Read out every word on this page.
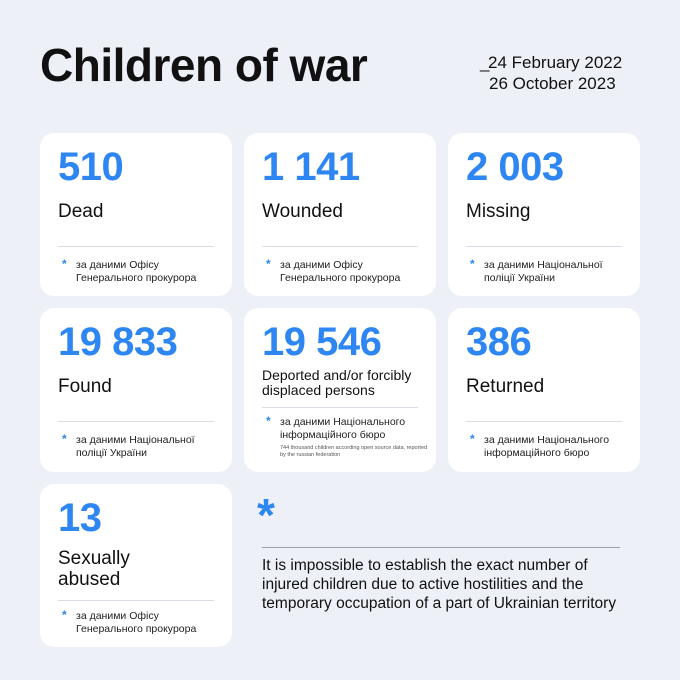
Children of war	_24 February 2022
26 October 2023
510
Dead
* за даними Офісу Генерального прокурора
1 141
Wounded
* за даними Офісу Генерального прокурора
2 003
Missing
* за даними Національної поліції України
19 833
Found
* за даними Національної поліції України
19 546
Deported and/or forcibly displaced persons
* за даними Національного інформаційного бюро
744 thousand children according open source data, reported by the russian federation
386
Returned
* за даними Національного інформаційного бюро
13
Sexually abused
* за даними Офісу Генерального прокурора
*
It is impossible to establish the exact number of injured children due to active hostilities and the temporary occupation of a part of Ukrainian territory
